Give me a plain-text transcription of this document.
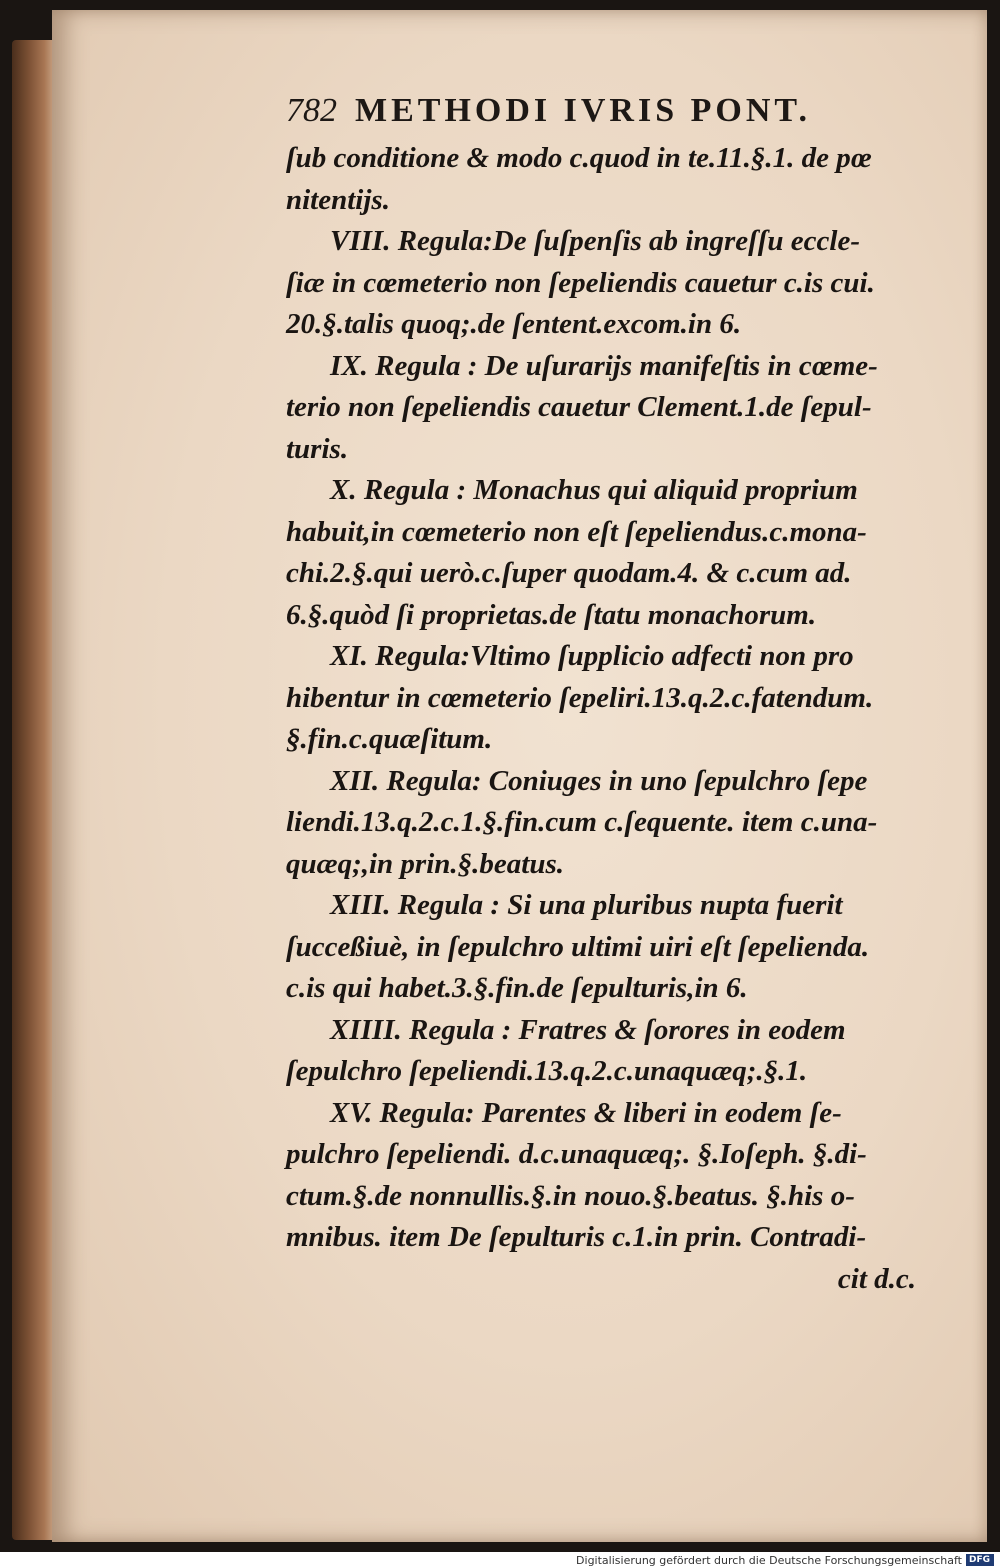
782 METHODI IVRIS PONT.
ſub conditione & modo c.quod in te.11.§.1. de pœ
nitentijs.
VIII. Regula:De ſuſpenſis ab ingreſſu eccle-
ſiæ in cœmeterio non ſepeliendis cauetur c.is cui.
20.§.talis quoq;.de ſentent.excom.in 6.
IX. Regula : De uſurarijs manifeſtis in cœme-
terio non ſepeliendis cauetur Clement.1.de ſepul-
turis.
X. Regula : Monachus qui aliquid proprium
habuit,in cœmeterio non eſt ſepeliendus.c.mona-
chi.2.§.qui uerò.c.ſuper quodam.4. & c.cum ad.
6.§.quòd ſi proprietas.de ſtatu monachorum.
XI. Regula:Vltimo ſupplicio adfecti non pro
hibentur in cœmeterio ſepeliri.13.q.2.c.fatendum.
§.fin.c.quæſitum.
XII. Regula: Coniuges in uno ſepulchro ſepe
liendi.13.q.2.c.1.§.fin.cum c.ſequente. item c.una-
quæq;,in prin.§.beatus.
XIII. Regula : Si una pluribus nupta fuerit
ſucceßiuè, in ſepulchro ultimi uiri eſt ſepelienda.
c.is qui habet.3.§.fin.de ſepulturis,in 6.
XIIII. Regula : Fratres & ſorores in eodem
ſepulchro ſepeliendi.13.q.2.c.unaquæq;.§.1.
XV. Regula: Parentes & liberi in eodem ſe-
pulchro ſepeliendi. d.c.unaquæq;. §.Ioſeph. §.di-
ctum.§.de nonnullis.§.in nouo.§.beatus. §.his o-
mnibus. item De ſepulturis c.1.in prin. Contradi-
cit d.c.
Digitalisierung gefördert durch die Deutsche Forschungsgemeinschaft DFG
